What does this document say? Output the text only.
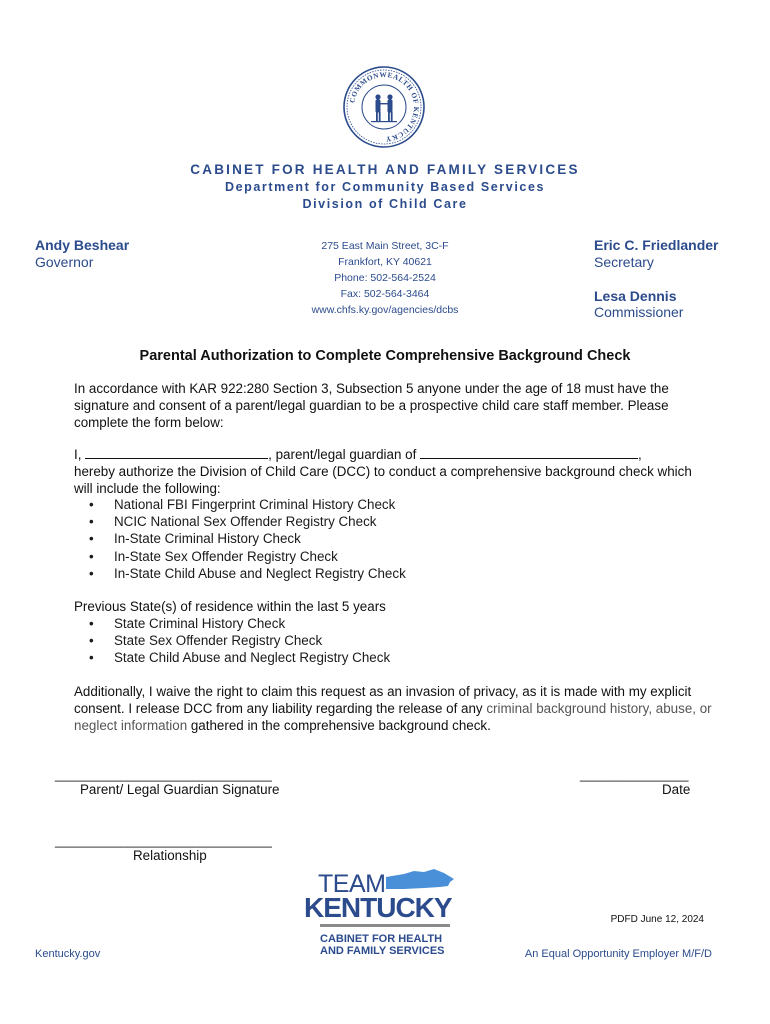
COMMONWEALTH OF KENTUCKY
CABINET FOR HEALTH AND FAMILY SERVICES
Department for Community Based Services
Division of Child Care
Andy Beshear
Governor
275 East Main Street, 3C-F
Frankfort, KY 40621
Phone: 502-564-2524
Fax: 502-564-3464
www.chfs.ky.gov/agencies/dcbs
Eric C. Friedlander
Secretary
Lesa Dennis
Commissioner
Parental Authorization to Complete Comprehensive Background Check

In accordance with KAR 922:280 Section 3, Subsection 5 anyone under the age of 18 must have the signature and consent of a parent/legal guardian to be a prospective child care staff member. Please complete the form below:

I,	, parent/legal guardian of	,

hereby authorize the Division of Child Care (DCC) to conduct a comprehensive background check which will include the following:

• National FBI Fingerprint Criminal History Check
• NCIC National Sex Offender Registry Check
• In-State Criminal History Check
• In-State Sex Offender Registry Check
• In-State Child Abuse and Neglect Registry Check
Previous State(s) of residence within the last 5 years
• State Criminal History Check
• State Sex Offender Registry Check
• State Child Abuse and Neglect Registry Check

Additionally, I waive the right to claim this request as an invasion of privacy, as it is made with my explicit consent. I release DCC from any liability regarding the release of any criminal background history, abuse, or neglect information gathered in the comprehensive background check.

______________________________
Parent/ Legal Guardian Signature
_______________
Date
______________________________
Relationship
TEAM
KENTUCKY
CABINET FOR HEALTH
AND FAMILY SERVICES
PDFD June 12, 2024
Kentucky.gov	An Equal Opportunity Employer M/F/D
